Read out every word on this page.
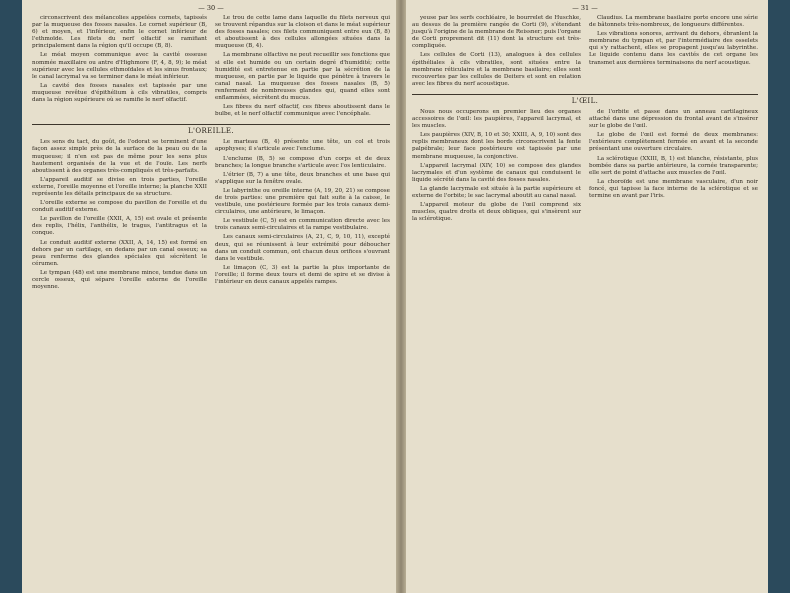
— 30 —

circonscrivent des mélancolies appelées cornets, tapissés par la muqueuse des fosses nasales. Le cornet supérieur (B, 6) et moyen, et l'inférieur, enfin le cornet inférieur de l'ethmoïde. Les filets du nerf olfactif se ramifiant principalement dans la région qu'il occupe (B, 8).

Le méat moyen communique avec la cavité osseuse nommée maxillaire ou antre d'Highmore (F, 4, 8, 9); le méat supérieur avec les cellules ethmoïdales et les sinus frontaux; le canal lacrymal va se terminer dans le méat inférieur.

La cavité des fosses nasales est tapissée par une muqueuse revêtue d'épithélium à cils vibratiles, compris dans la région supérieure où se ramifie le nerf olfactif.

Le trou de cette lame dans laquelle du filets nerveux qui se trouvent répandus sur la cloison et dans le méat supérieur des fosses nasales; ces filets communiquent entre eux (B, 8) et aboutissent à des cellules allongées situées dans la muqueuse (B, 4).

La membrane olfactive ne peut recueillir ses fonctions que si elle est humide ou un certain degré d'humidité; cette humidité est entretenue en partie par la sécrétion de la muqueuse, en partie par le liquide que pénètre à travers le canal nasal. La muqueuse des fosses nasales (B, 5) renferment de nombreuses glandes qui, quand elles sont enflammées, sécrètent du mucus.

Les fibres du nerf olfactif, ces fibres aboutissent dans le bulbe, et le nerf olfactif communique avec l'encéphale.

L'OREILLE.

Les sens du tact, du goût, de l'odorat se terminent d'une façon assez simple près de la surface de la peau ou de la muqueuse; il n'en est pas de même pour les sens plus hautement organisés de la vue et de l'ouïe. Les nerfs aboutissent à des organes très-compliqués et très-parfaits.

L'appareil auditif se divise en trois parties, l'oreille externe, l'oreille moyenne et l'oreille interne; la planche XXII représente les détails principaux de sa structure.

L'oreille externe se compose du pavillon de l'oreille et du conduit auditif externe.

Le pavillon de l'oreille (XXII, A, 15) est ovale et présente des replis, l'hélix, l'anthélix, le tragus, l'antitragus et la conque.

Le conduit auditif externe (XXII, A, 14, 15) est formé en dehors par un cartilage, en dedans par un canal osseux; sa peau renferme des glandes spéciales qui sécrètent le cérumen.

Le tympan (48) est une membrane mince, tendue dans un cercle osseux, qui sépare l'oreille externe de l'oreille moyenne.

Le marteau (B, 4) présente une tête, un col et trois apophyses; il s'articule avec l'enclume.

L'enclume (B, 5) se compose d'un corps et de deux branches; la longue branche s'articule avec l'os lenticulaire.

L'étrier (B, 7) a une tête, deux branches et une base qui s'applique sur la fenêtre ovale.

Le labyrinthe ou oreille interne (A, 19, 20, 21) se compose de trois parties: une première qui fait suite à la caisse, le vestibule, une postérieure formée par les trois canaux demi-circulaires, une antérieure, le limaçon.

Le vestibule (C, 5) est en communication directe avec les trois canaux semi-circulaires et la rampe vestibulaire.

Les canaux semi-circulaires (A, 21, C, 9, 10, 11), excepté deux, qui se réunissent à leur extrémité pour déboucher dans un conduit commun, ont chacun deux orifices s'ouvrant dans le vestibule.

Le limaçon (C, 3) est la partie la plus importante de l'oreille; il forme deux tours et demi de spire et se divise à l'intérieur en deux canaux appelés rampes.

— 31 —

yeuse par les serfs cochléaire, le bourrelet de Huschke, au dessus de la première rangée de Corti (9), s'étendant jusqu'à l'origine de la membrane de Reissner; puis l'organe de Corti proprement dit (11) dont la structure est très-compliquée.

Les cellules de Corti (13), analogues à des cellules épithéliales à cils vibratiles, sont situées entre la membrane réticulaire et la membrane basilaire; elles sont recouvertes par les cellules de Deiters et sont en relation avec les fibres du nerf acoustique.

Claudius. La membrane basilaire porte encore une série de bâtonnets très-nombreux, de longueurs différentes.

Les vibrations sonores, arrivant du dehors, ébranlent la membrane du tympan et, par l'intermédiaire des osselets qui s'y rattachent, elles se propagent jusqu'au labyrinthe. Le liquide contenu dans les cavités de cet organe les transmet aux dernières terminaisons du nerf acoustique.

L'ŒIL.

Nous nous occuperons en premier lieu des organes accessoires de l'œil: les paupières, l'appareil lacrymal, et les muscles.

Les paupières (XIV, B, 10 et 30; XXIII, A, 9, 10) sont des replis membraneux dont les bords circonscrivent la fente palpébrale; leur face postérieure est tapissée par une membrane muqueuse, la conjonctive.

L'appareil lacrymal (XIV, 10) se compose des glandes lacrymales et d'un système de canaux qui conduisent le liquide sécrété dans la cavité des fosses nasales.

La glande lacrymale est située à la partie supérieure et externe de l'orbite; le sac lacrymal aboutit au canal nasal.

L'appareil moteur du globe de l'œil comprend six muscles, quatre droits et deux obliques, qui s'insèrent sur la sclérotique.

de l'orbite et passe dans un anneau cartilagineux attaché dans une dépression du frontal avant de s'insérer sur le globe de l'œil.

Le globe de l'œil est formé de deux membranes: l'extérieure complètement fermée en avant et la seconde présentant une ouverture circulaire.

La sclérotique (XXIII, B, 1) est blanche, résistante, plus bombée dans sa partie antérieure, la cornée transparente; elle sert de point d'attache aux muscles de l'œil.

La choroïde est une membrane vasculaire, d'un noir foncé, qui tapisse la face interne de la sclérotique et se termine en avant par l'iris.
